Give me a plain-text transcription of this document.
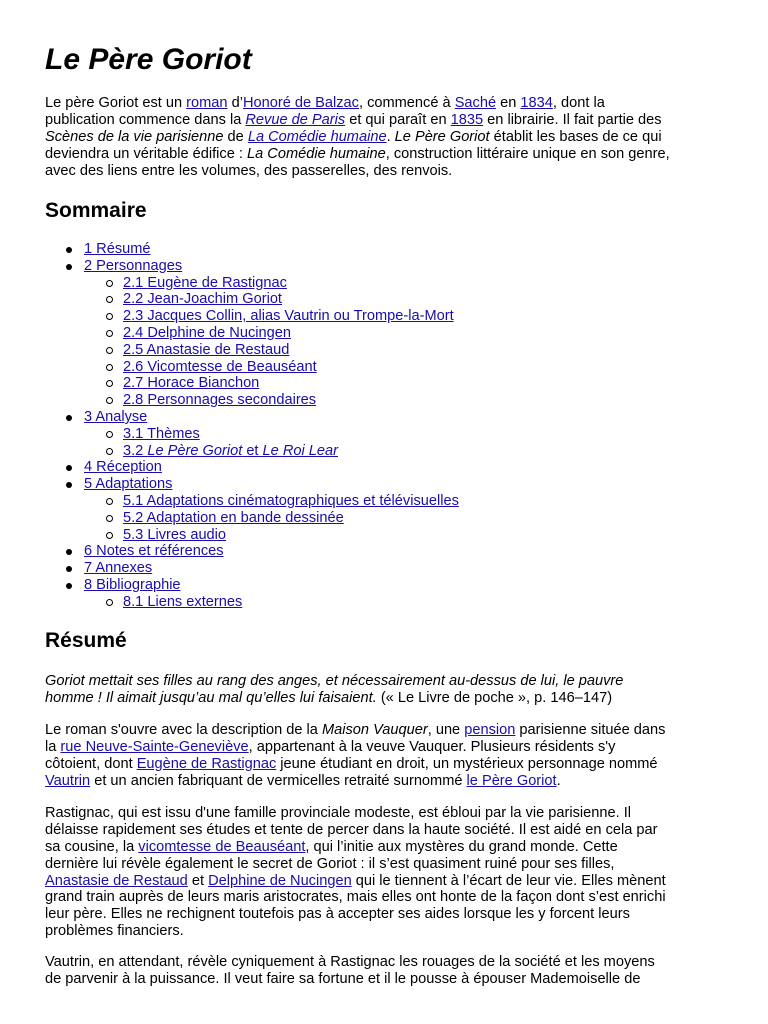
Le Père Goriot

Le père Goriot est un roman d’Honoré de Balzac, commencé à Saché en 1834, dont la
publication commence dans la Revue de Paris et qui paraît en 1835 en librairie. Il fait partie des
Scènes de la vie parisienne de La Comédie humaine. Le Père Goriot établit les bases de ce qui
deviendra un véritable édifice : La Comédie humaine, construction littéraire unique en son genre,
avec des liens entre les volumes, des passerelles, des renvois.

Sommaire
1 Résumé
2 Personnages
2.1 Eugène de Rastignac
2.2 Jean-Joachim Goriot
2.3 Jacques Collin, alias Vautrin ou Trompe-la-Mort
2.4 Delphine de Nucingen
2.5 Anastasie de Restaud
2.6 Vicomtesse de Beauséant
2.7 Horace Bianchon
2.8 Personnages secondaires
3 Analyse
3.1 Thèmes
3.2 Le Père Goriot et Le Roi Lear
4 Réception
5 Adaptations
5.1 Adaptations cinématographiques et télévisuelles
5.2 Adaptation en bande dessinée
5.3 Livres audio
6 Notes et références
7 Annexes
8 Bibliographie
8.1 Liens externes
Résumé

Goriot mettait ses filles au rang des anges, et nécessairement au-dessus de lui, le pauvre
homme ! Il aimait jusqu’au mal qu’elles lui faisaient. (« Le Livre de poche », p. 146–147)

Le roman s'ouvre avec la description de la Maison Vauquer, une pension parisienne située dans
la rue Neuve-Sainte-Geneviève, appartenant à la veuve Vauquer. Plusieurs résidents s'y
côtoient, dont Eugène de Rastignac jeune étudiant en droit, un mystérieux personnage nommé
Vautrin et un ancien fabriquant de vermicelles retraité surnommé le Père Goriot.

Rastignac, qui est issu d'une famille provinciale modeste, est ébloui par la vie parisienne. Il
délaisse rapidement ses études et tente de percer dans la haute société. Il est aidé en cela par
sa cousine, la vicomtesse de Beauséant, qui l’initie aux mystères du grand monde. Cette
dernière lui révèle également le secret de Goriot : il s’est quasiment ruiné pour ses filles,
Anastasie de Restaud et Delphine de Nucingen qui le tiennent à l’écart de leur vie. Elles mènent
grand train auprès de leurs maris aristocrates, mais elles ont honte de la façon dont s’est enrichi
leur père. Elles ne rechignent toutefois pas à accepter ses aides lorsque les y forcent leurs
problèmes financiers.

Vautrin, en attendant, révèle cyniquement à Rastignac les rouages de la société et les moyens
de parvenir à la puissance. Il veut faire sa fortune et il le pousse à épouser Mademoiselle de
